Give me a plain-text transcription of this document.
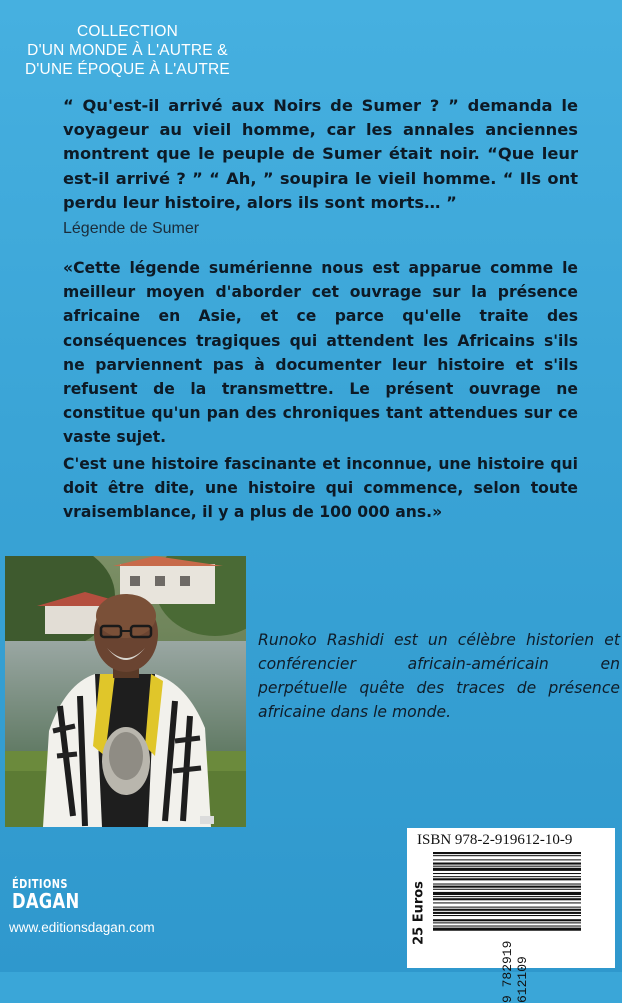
COLLECTION
D'UN MONDE À L'AUTRE &
D'UNE ÉPOQUE À L'AUTRE
“ Qu'est-il arrivé aux Noirs de Sumer ? ” demanda le voyageur au vieil homme, car les annales anciennes montrent que le peuple de Sumer était noir. “Que leur est-il arrivé ? ” “ Ah, ” soupira le vieil homme. “ Ils ont perdu leur histoire, alors ils sont morts… ”
Légende de Sumer
«Cette légende sumérienne nous est apparue comme le meilleur moyen d'aborder cet ouvrage sur la présence africaine en Asie, et ce parce qu'elle traite des conséquences tragiques qui attendent les Africains s'ils ne parviennent pas à documenter leur histoire et s'ils refusent de la transmettre. Le présent ouvrage ne constitue qu'un pan des chroniques tant attendues sur ce vaste sujet.
C'est une histoire fascinante et inconnue, une histoire qui doit être dite, une histoire qui commence, selon toute vraisemblance, il y a plus de 100 000 ans.»
Runoko Rashidi est un célèbre historien et conférencier africain-américain en perpétuelle quête des traces de présence africaine dans le monde.
ÉDITIONS
DAGAN
www.editionsdagan.com
ISBN 978-2-919612-10-9
25 Euros
9 782919 612109
